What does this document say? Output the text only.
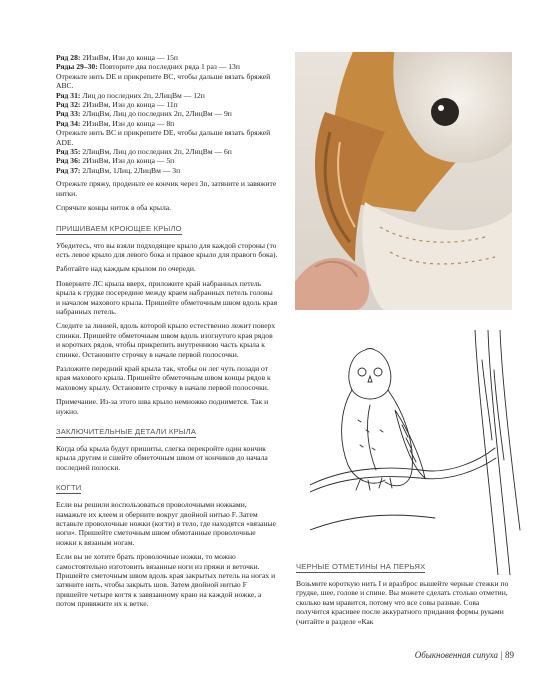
Ряд 28: 2ИзнВм, Изн до конца — 15п
Ряды 29–30: Повторите два последних ряда 1 раз — 13п
Отрежьте нить DE и прикрепите BC, чтобы дальше вязать бряжей ABC.
Ряд 31: Лиц до последних 2п, 2ЛицВм — 12п
Ряд 32: 2ИзнВм, Изн до конца — 11п
Ряд 33: 2ЛицВм, Лиц до последних 2п, 2ЛицВм — 9п
Ряд 34: 2ИзнВм, Изн до конца — 8п
Отрежьте нить BC и прикрепите DE, чтобы дальше вязать бряжей ADE.
Ряд 35: 2ЛицВм, Лиц до последних 2п, 2ЛицВм — 6п
Ряд 36: 2ИзнВм, Изн до конца — 5п
Ряд 37: 2ЛицВм, 1Лиц, 2ЛицВм — 3п
Отрежьте пряжу, проденьте ее кончик через 3п, затяните и завяжите нитки.
Спрячьте концы ниток в оба крыла.
ПРИШИВАЕМ КРОЮЩЕЕ КРЫЛО
Убедитесь, что вы взяли подходящее крыло для каждой стороны (то есть левое крыло для левого бока и правое крыло для правого бока).
Работайте над каждым крылом по очереди.
Поверните ЛС крыла вверх, приложите край набранных петель крыла к грудке посередине между краем набранных петель головы и началом махового крыла. Пришейте обметочным швом вдоль края набранных петель.
Следите за линией, вдоль которой крыло естественно лежит поверх спинки. Пришейте обметочным швом вдоль изогнутого края рядов и коротких рядов, чтобы прикрепить внутреннюю часть крыла к спинке. Остановите строчку в начале первой полосочки.
Разложите передний край крыла так, чтобы он лег чуть позади от края махового крыла. Пришейте обметочным швом концы рядов к маховому крылу. Остановите строчку в начале первой полосочки.
Примечание. Из-за этого шва крыло немножко поднимется. Так и нужно.
ЗАКЛЮЧИТЕЛЬНЫЕ ДЕТАЛИ КРЫЛА
Когда оба крыла будут пришиты, слегка перекройте один кончик крыла другим и сшейте обметочным швом от кончиков до начала последней полоски.
КОГТИ
Если вы решили воспользоваться проволочными ножками, намажьте их клеем и оберните вокруг двойной нитью F. Затем вставьте проволочные ножки (когти) в тело, где находятся «вязаные ноги». Пришейте сметочным швом обмотанные проволочные ножки к вязаным ногам.
Если вы не хотите брать проволочные ножки, то можно самостоятельно изготовить вязанные ноги из пряжи и веточки. Пришейте сметочным швом вдоль края закрытых петель на ногах и затяните нить, чтобы закрыть шов. Затем двойной нитью F пришейте четыре когтя к завязанному краю на каждой ножке, а потом привяжите их к ветке.
ЧЕРНЫЕ ОТМЕТИНЫ НА ПЕРЬЯХ
Возьмите короткую нить I и вразброс вышейте черные стежки по грудке, шее, голове и спине. Вы можете сделать столько отметин, сколько вам нравится, потому что все совы разные. Сова получится красивее после аккуратного придания формы руками (читайте в разделе «Как
Обыкновенная сипуха | 89
